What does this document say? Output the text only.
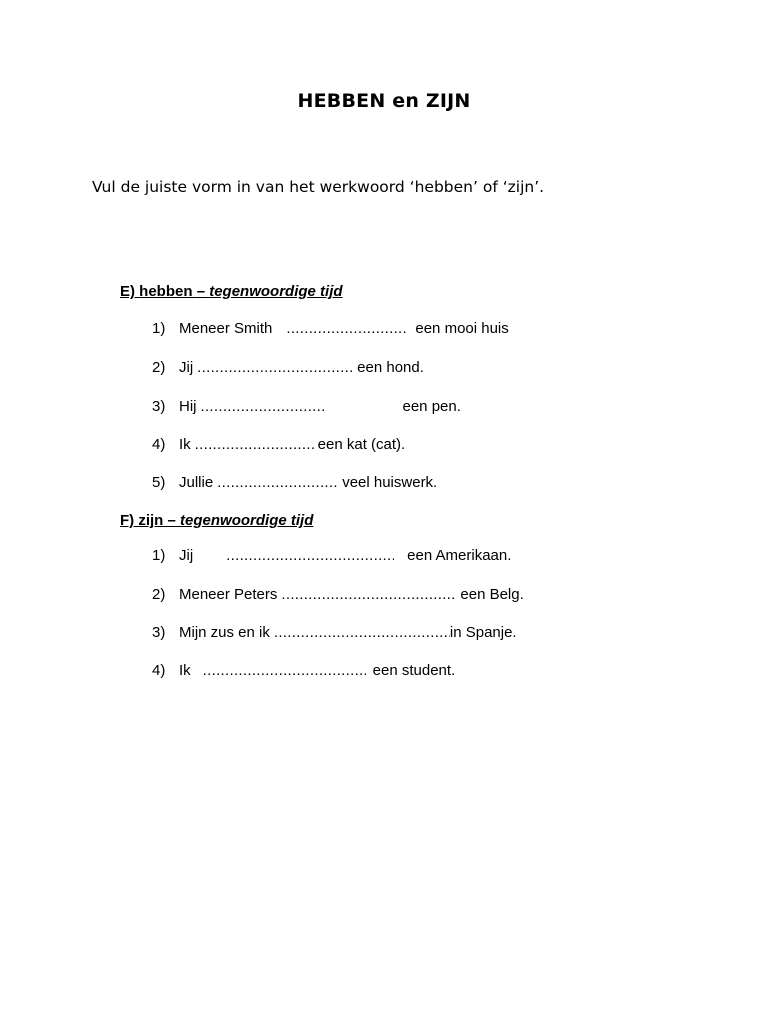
HEBBEN en ZIJN
Vul de juiste vorm in van het werkwoord ‘hebben’ of ‘zijn’.
E) hebben – tegenwoordige tijd
1) Meneer Smith .....	een mooi huis
2) Jij .....	een hond.
3) Hij .....	een pen.
4) Ik .....	een kat (cat).
5) Jullie .....	veel huiswerk.
F) zijn – tegenwoordige tijd
1) Jij .....	een Amerikaan.
2) Meneer Peters .....	een Belg.
3) Mijn zus en ik .....	in Spanje.
4) Ik .....	een student.
